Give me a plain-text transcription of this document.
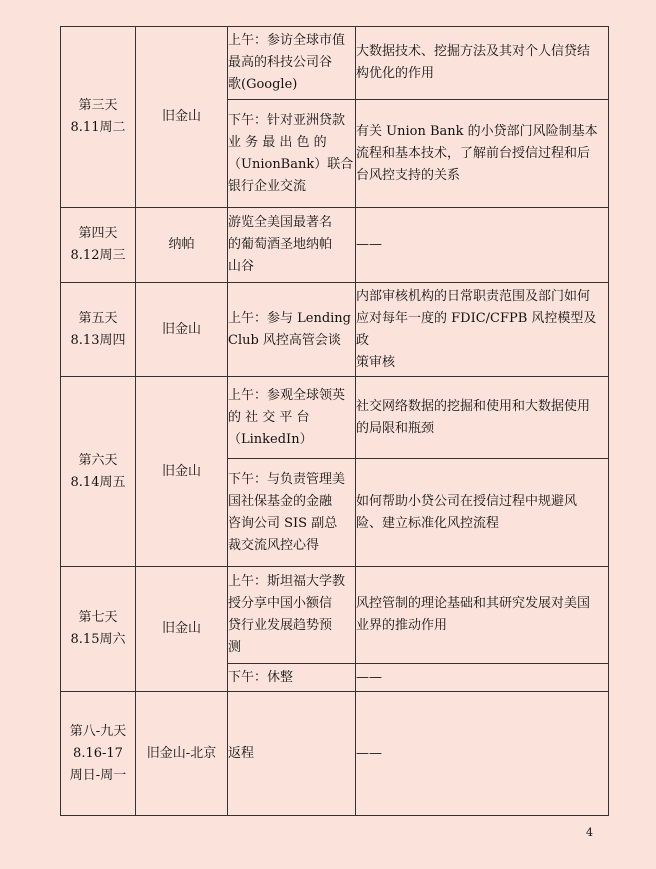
第三天
8.11周二	旧金山	上午：参访全球市值
最高的科技公司谷
歌(Google)	大数据技术、挖掘方法及其对个人信贷结
构优化的作用

		下午：针对亚洲贷款
业 务 最 出 色 的
（UnionBank）联合
银行企业交流	有关 Union Bank 的小贷部门风险制基本
流程和基本技术，了解前台授信过程和后
台风控支持的关系

第四天
8.12周三	纳帕	游览全美国最著名
的葡萄酒圣地纳帕
山谷	——

第五天
8.13周四	旧金山	上午：参与 Lending
Club 风控高管会谈	内部审核机构的日常职责范围及部门如何
应对每年一度的 FDIC/CFPB 风控模型及政
策审核

第六天
8.14周五	旧金山	上午：参观全球领英
的 社 交 平 台
（LinkedIn）	社交网络数据的挖掘和使用和大数据使用
的局限和瓶颈

		下午：与负责管理美
国社保基金的金融
咨询公司 SIS 副总
裁交流风控心得	如何帮助小贷公司在授信过程中规避风
险、建立标准化风控流程

第七天
8.15周六	旧金山	上午：斯坦福大学教
授分享中国小额信
贷行业发展趋势预
测	风控管制的理论基础和其研究发展对美国
业界的推动作用

		下午：休整	——

第八-九天
8.16-17
周日-周一	旧金山-北京	返程	——
4
